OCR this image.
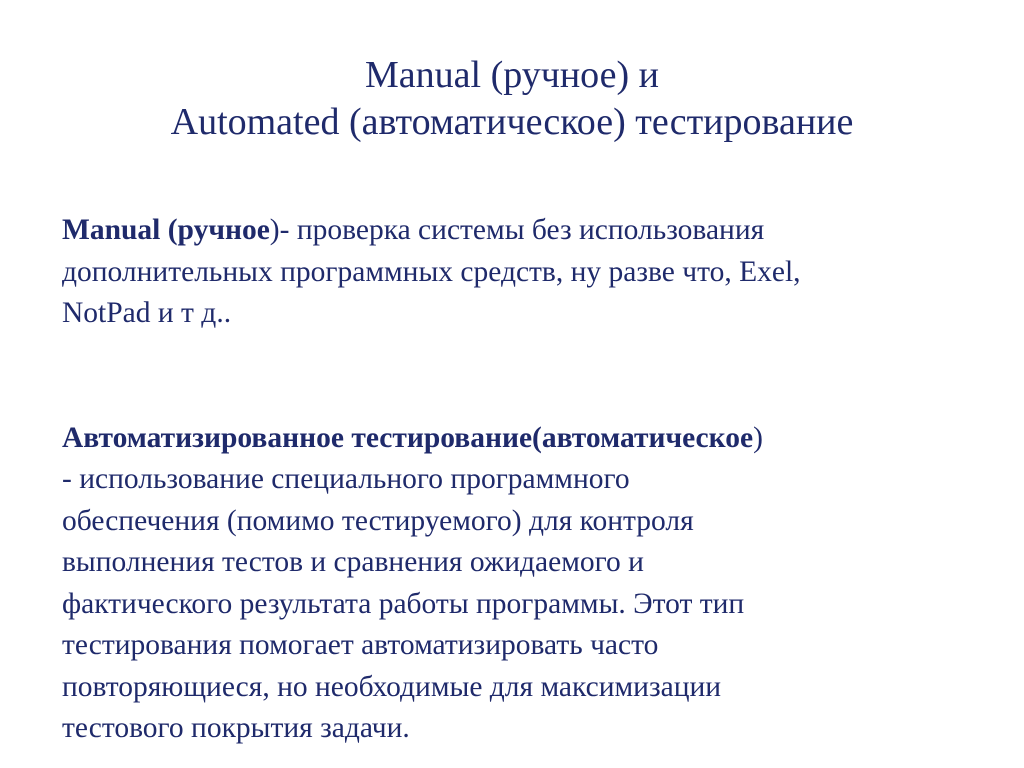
Manual (ручное) и
Automated (автоматическое) тестирование
Manual (ручное)- проверка системы без использования
дополнительных программных средств, ну разве что, Exel,
NotPad и т д..
Автоматизированное тестирование(автоматическое)
- использование специального программного
обеспечения (помимо тестируемого) для контроля
выполнения тестов и сравнения ожидаемого и
фактического результата работы программы. Этот тип
тестирования помогает автоматизировать часто
повторяющиеся, но необходимые для максимизации
тестового покрытия задачи.
